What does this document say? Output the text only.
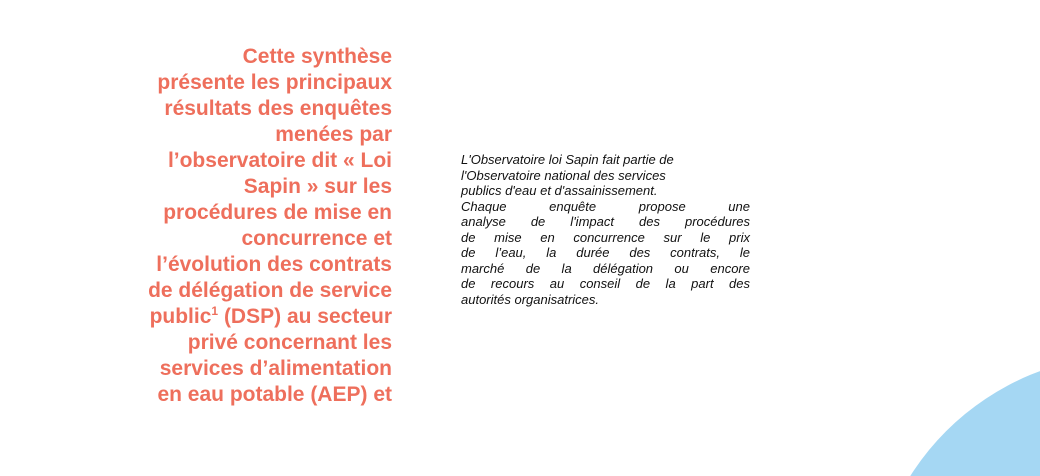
Cette synthèse
présente les principaux
résultats des enquêtes
menées par
l’observatoire dit « Loi
Sapin » sur les
procédures de mise en
concurrence et
l’évolution des contrats
de délégation de service
public$^1$ (DSP) au secteur
privé concernant les
services d’alimentation
en eau potable (AEP) et

L'Observatoire loi Sapin fait partie de
l'Observatoire national des services
publics d'eau et d'assainissement.
Chaque enquête propose une
analyse de l'impact des procédures
de mise en concurrence sur le prix
de l’eau, la durée des contrats, le
marché de la délégation ou encore
de recours au conseil de la part des
autorités organisatrices.
